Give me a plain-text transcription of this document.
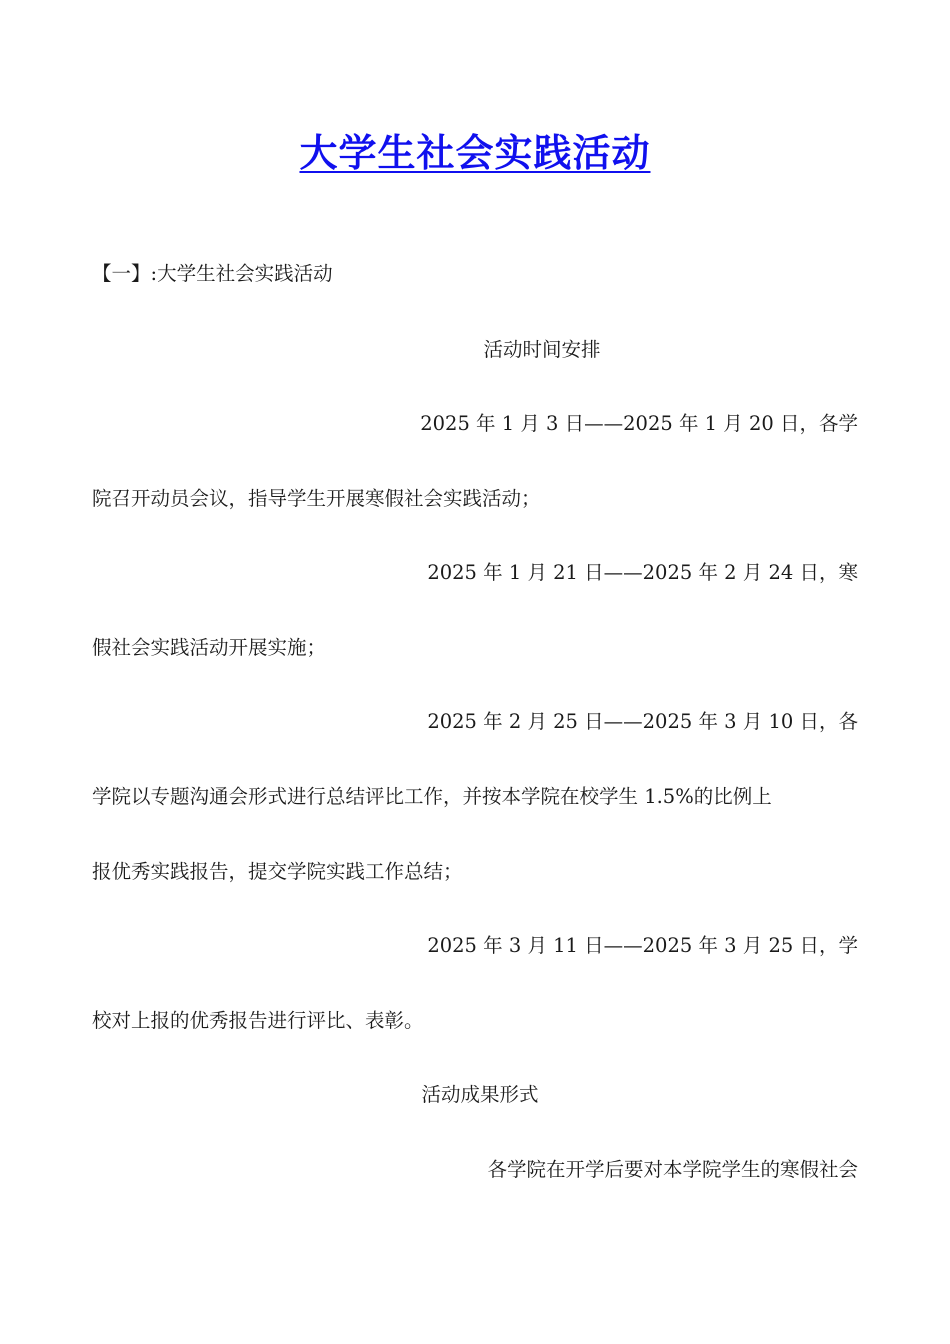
大学生社会实践活动
【一】:大学生社会实践活动
活动时间安排
2025 年 1 月 3 日——2025 年 1 月 20 日，各学
院召开动员会议，指导学生开展寒假社会实践活动；
2025 年 1 月 21 日——2025 年 2 月 24 日，寒
假社会实践活动开展实施；
2025 年 2 月 25 日——2025 年 3 月 10 日，各
学院以专题沟通会形式进行总结评比工作，并按本学院在校学生 1.5%的比例上
报优秀实践报告，提交学院实践工作总结；
2025 年 3 月 11 日——2025 年 3 月 25 日，学
校对上报的优秀报告进行评比、表彰。
活动成果形式
各学院在开学后要对本学院学生的寒假社会
